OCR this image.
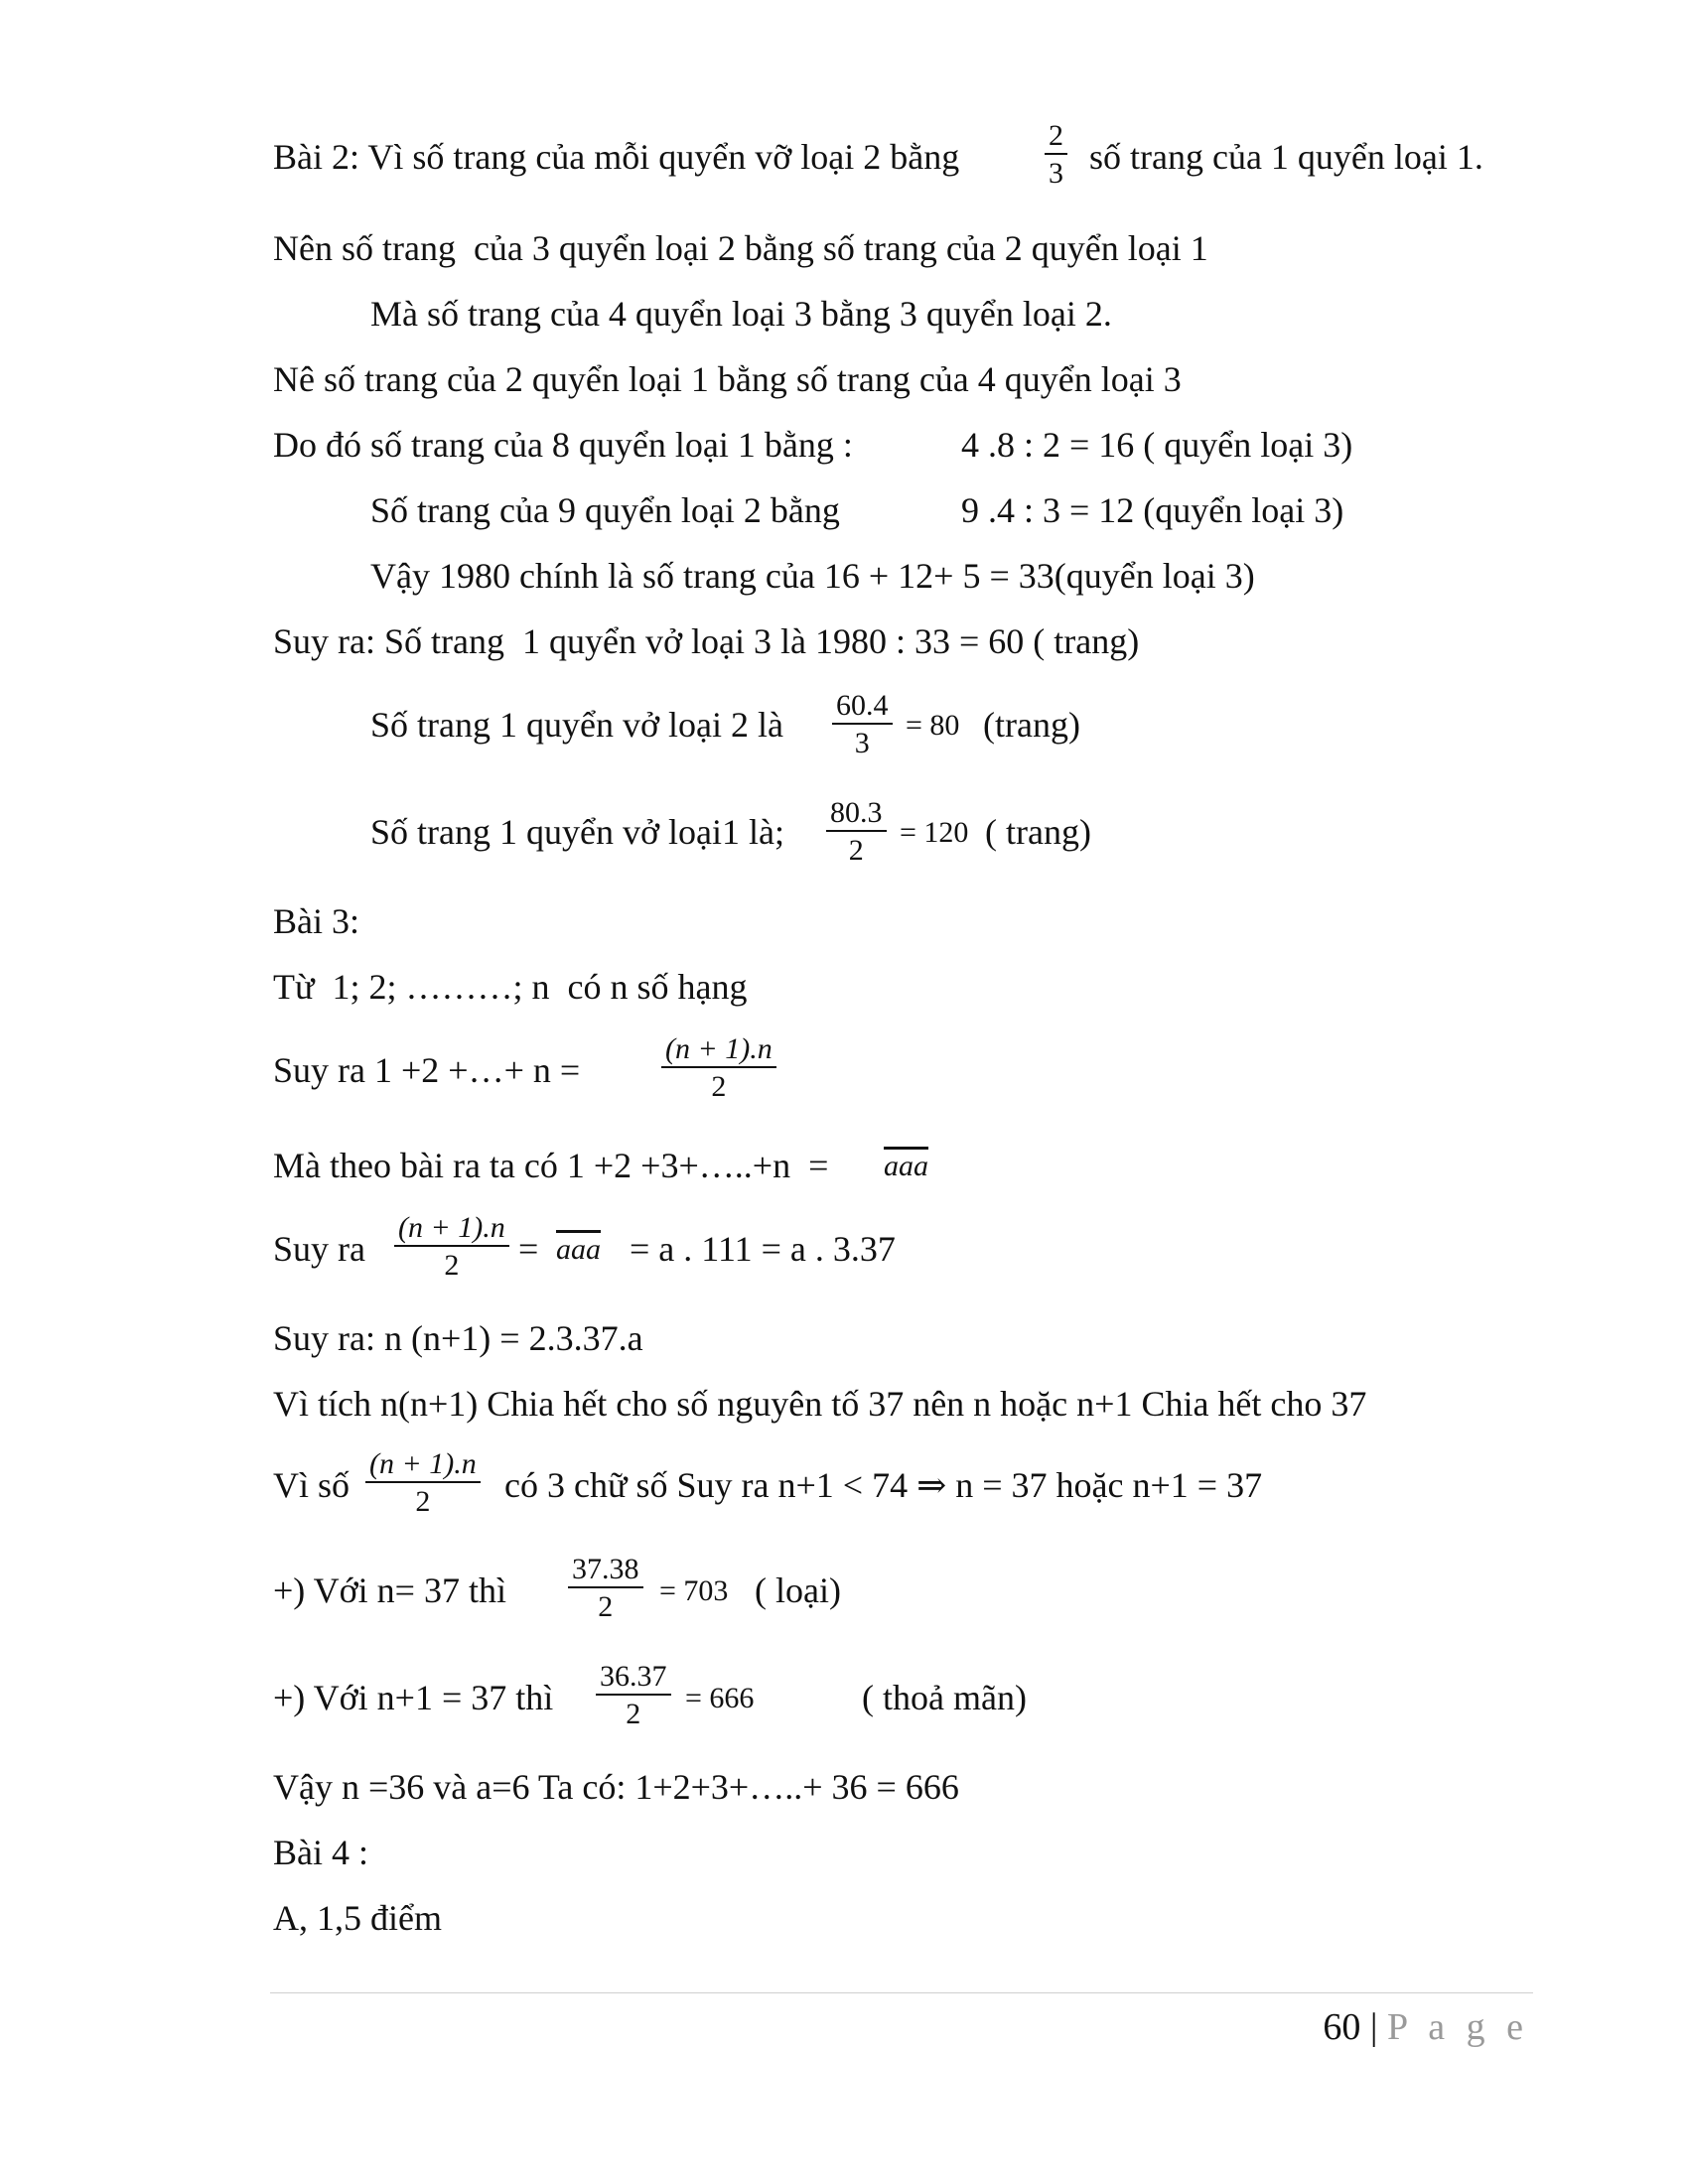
Bài 2: Vì số trang của mỗi quyển vỡ loại 2 bằng	$\frac{2}{3}$ số trang của 1 quyển loại 1.
Nên số trang  của 3 quyển loại 2 bằng số trang của 2 quyển loại 1
Mà số trang của 4 quyển loại 3 bằng 3 quyển loại 2.
Nê số trang của 2 quyển loại 1 bằng số trang của 4 quyển loại 3
Do đó số trang của 8 quyển loại 1 bằng :	4 .8 : 2 = 16 ( quyển loại 3)
Số trang của 9 quyển loại 2 bằng	9 .4 : 3 = 12 (quyển loại 3)
Vậy 1980 chính là số trang của 16 + 12+ 5 = 33(quyển loại 3)
Suy ra: Số trang  1 quyển vở loại 3 là 1980 : 33 = 60 ( trang)
Số trang 1 quyển vở loại 2 là $\frac{60.4}{3} = 80$ (trang)
Số trang 1 quyển vở loại1 là; $\frac{80.3}{2} = 120$ ( trang)
Bài 3:
Từ  1; 2; ………; n  có n số hạng
Suy ra 1 +2 +…+ n =	$\frac{(n + 1).n}{2}$
Mà theo bài ra ta có 1 +2 +3+…..+n  = $\overline{aaa}$
Suy ra $\frac{(n + 1).n}{2} = \overline{aaa} = a$ . 111 = a . 3.37
Suy ra: n (n+1) = 2.3.37.a
Vì tích n(n+1) Chia hết cho số nguyên tố 37 nên n hoặc n+1 Chia hết cho 37
Vì số $\frac{(n + 1).n}{2}$ có 3 chữ số Suy ra n+1 < 74 ⇒ n = 37 hoặc n+1 = 37
+) Với n= 37 thì $\frac{37.38}{2} = 703$ ( loại)
+) Với n+1 = 37 thì $\frac{36.37}{2} = 666$	( thoả mãn)
Vậy n =36 và a=6 Ta có: 1+2+3+…..+ 36 = 666
Bài 4 :
A, 1,5 điểm
60 | P a g e
